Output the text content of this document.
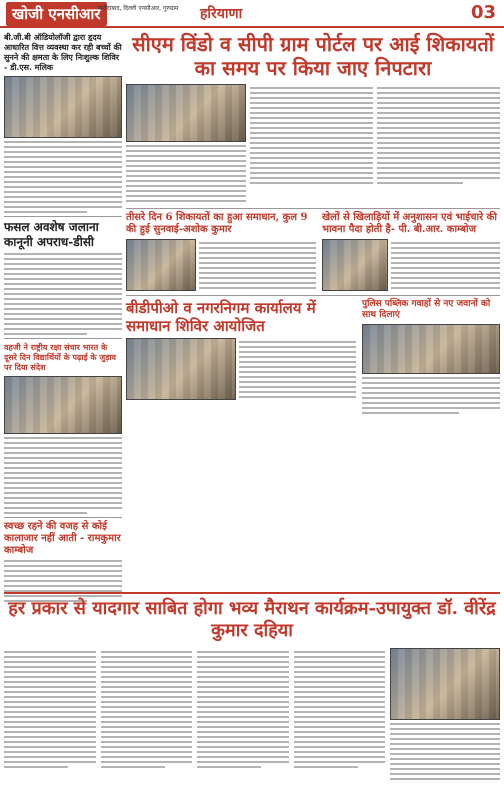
खोजी एनसीआर
फरीदाबाद, दिल्ली एनसीआर, गुरुग्राम	हरियाणा	03
बी.जी.बी ऑडियोलॉजी द्वारा हृदय आधारित वित्त व्यवस्था कर रही बच्चों की सुनने की क्षमता के लिए निःशुल्क शिविर - डी.एस. मलिक
फसल अवशेष जलाना कानूनी अपराध-डीसी
वहजी ने राष्ट्रीय रक्षा संचार भारत के दूसरे दिन विद्यार्थियों के पढ़ाई के जुड़ाव पर दिया संदेश
स्वच्छ रहने की वजह से कोई कालाजार नहीं आती - रामकुमार काम्बोज
सीएम विंडो व सीपी ग्राम पोर्टल पर आई शिकायतों का समय पर किया जाए निपटारा
तीसरे दिन 6 शिकायतों का हुआ समाधान, कुल 9 की हुई सुनवाई-अशोक कुमार
खेलों से खिलाड़ियों में अनुशासन एवं भाईचारे की भावना पैदा होती है- पी. बी.आर. काम्बोज
बीडीपीओ व नगरनिगम कार्यालय में समाधान शिविर आयोजित
पुलिस पब्लिक गवाहों से नए जवानों को साथ दिलाएं
हर प्रकार से यादगार साबित होगा भव्य मैराथन कार्यक्रम-उपायुक्त डॉ. वीरेंद्र कुमार दहिया
